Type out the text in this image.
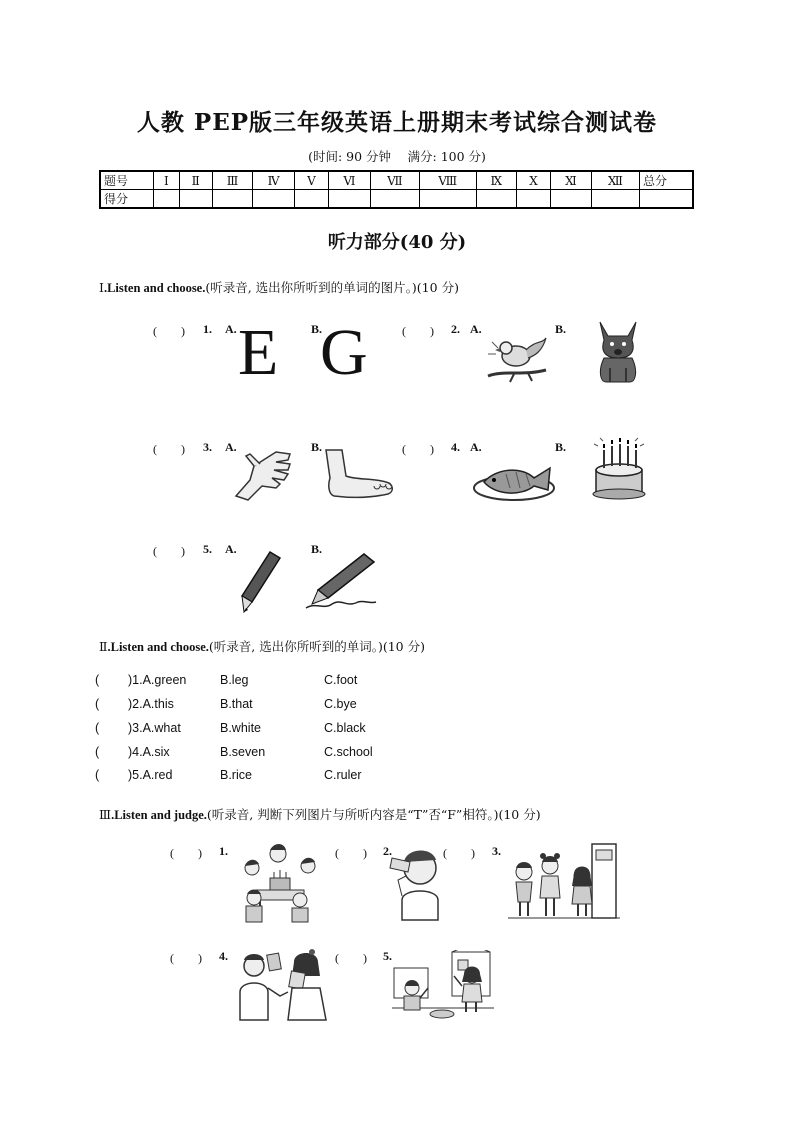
人教 PEP版三年级英语上册期末考试综合测试卷
(时间: 90 分钟　 满分: 100 分)
题号	Ⅰ	Ⅱ	Ⅲ	Ⅳ	Ⅴ	Ⅵ	Ⅶ	Ⅷ	Ⅸ	Ⅹ	Ⅺ	Ⅻ	总分
得分													
听力部分(40 分)
Ⅰ.Listen and choose.(听录音, 选出你所听到的单词的图片。)(10 分)
(　　) 1. A.	B.
E G	(　　) 2. A.	B.
(　　) 3. A.	B.	(　　) 4. A.	B.
(　　) 5. A.	B.
Ⅱ.Listen and choose.(听录音, 选出你所听到的单词。)(10 分)
( )1.A.green	B.leg	C.foot
( )2.A.this	B.that	C.bye
( )3.A.what	B.white	C.black
( )4.A.six	B.seven	C.school
( )5.A.red	B.rice	C.ruler
Ⅲ.Listen and judge.(听录音, 判断下列图片与所听内容是“T”否“F”相符。)(10 分)
(　　) 1.	(　　) 2.	(　　) 3.
(　　) 4.	(　　) 5.
